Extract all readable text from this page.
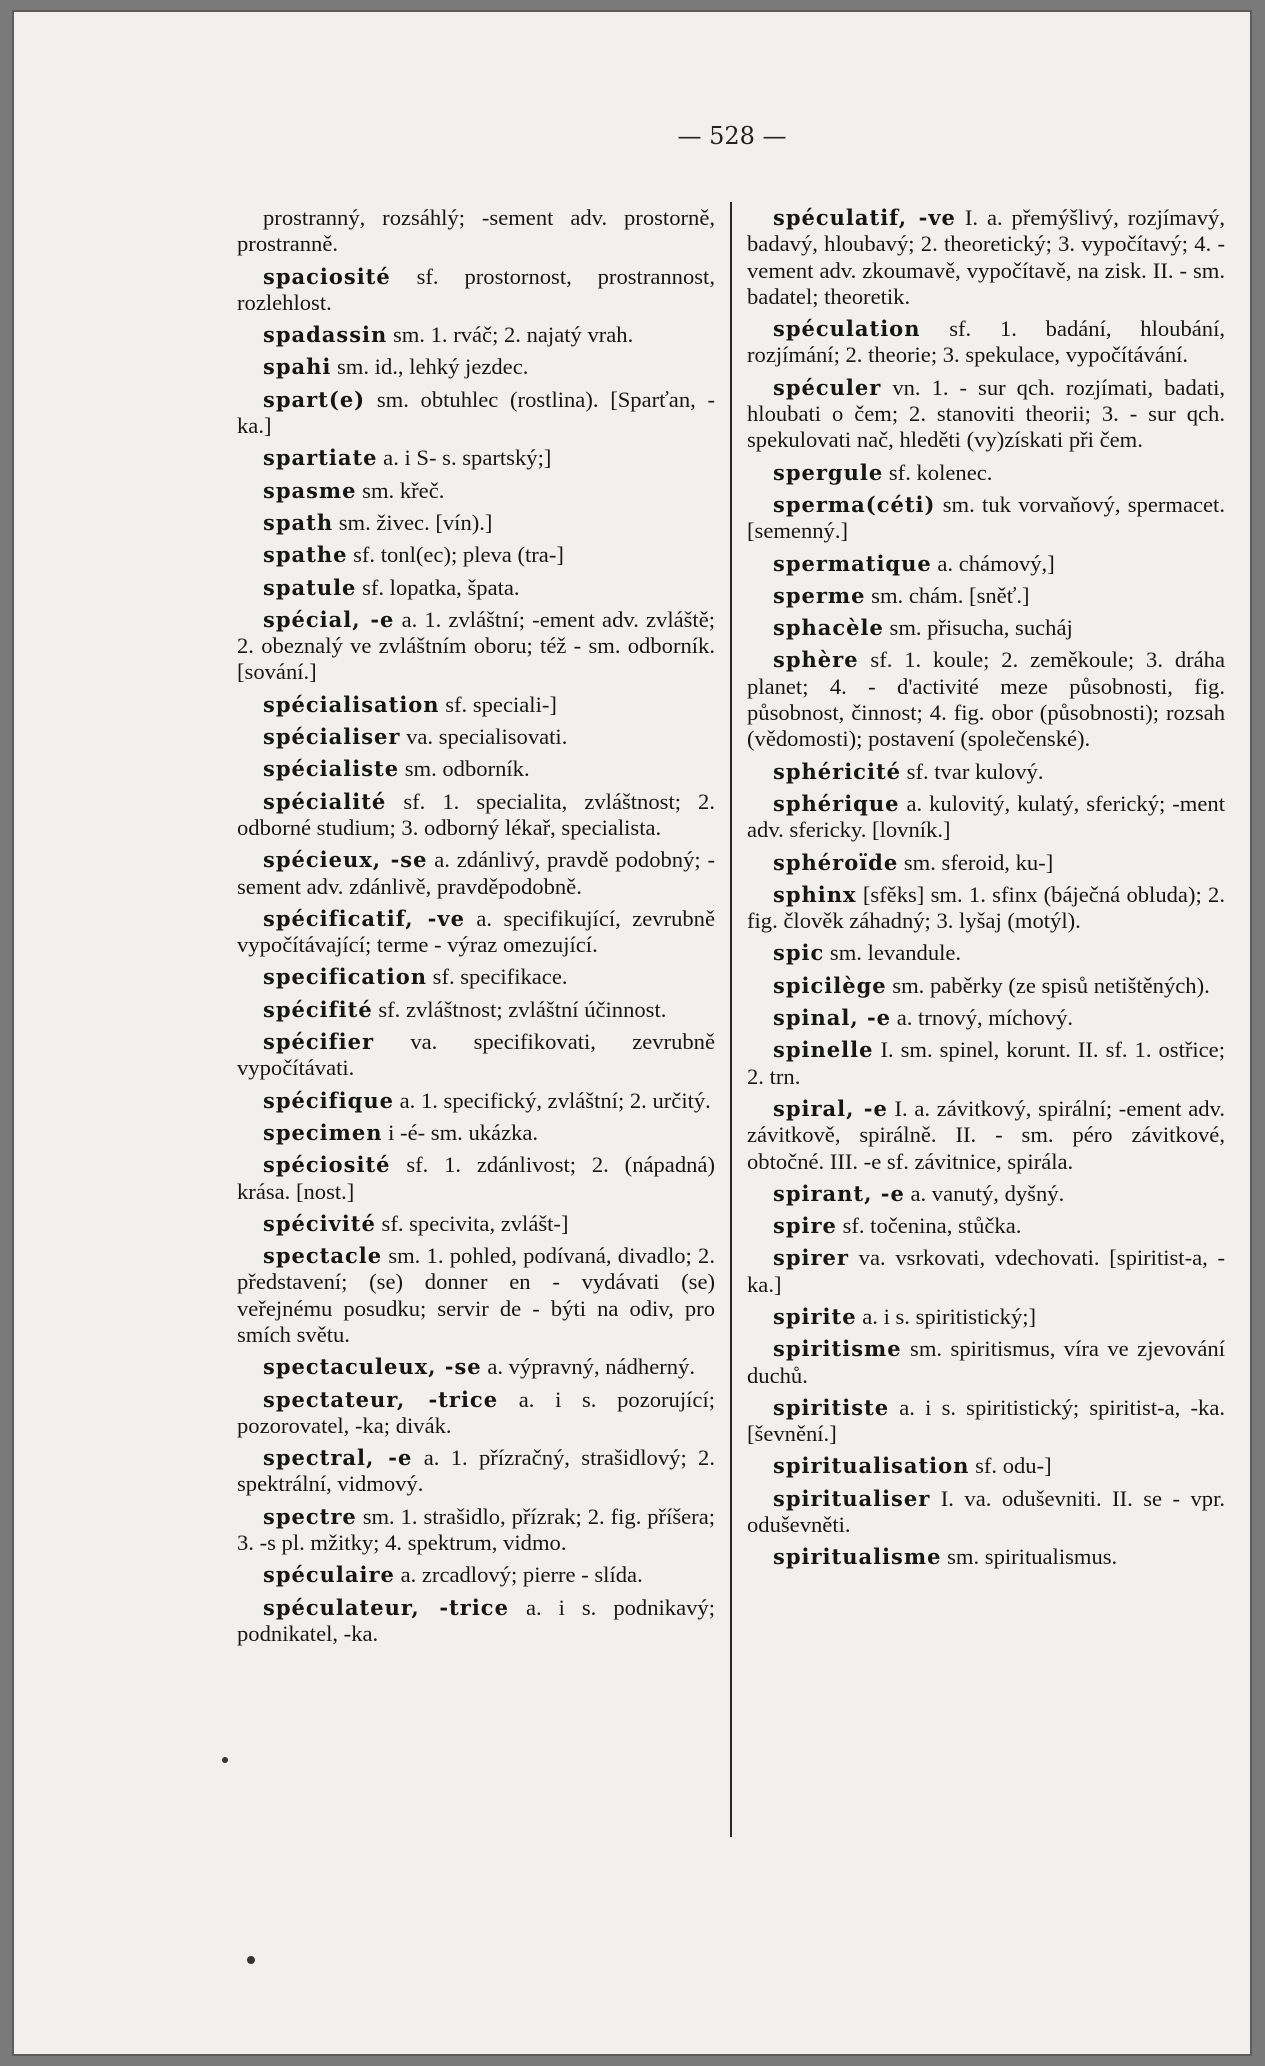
— 528 —

prostranný, rozsáhlý; -sement adv. prostorně, prostranně.

spaciosité sf. prostornost, prostrannost, rozlehlost.

spadassin sm. 1. rváč; 2. najatý vrah.

spahi sm. id., lehký jezdec.

spart(e) sm. obtuhlec (rostlina). [Sparťan, -ka.]

spartiate a. i S- s. spartský;]

spasme sm. křeč.

spath sm. živec. [vín).]

spathe sf. tonl(ec); pleva (tra-]

spatule sf. lopatka, špata.

spécial, -e a. 1. zvláštní; -ement adv. zvláště; 2. obeznalý ve zvláštním oboru; též - sm. odborník. [sování.]

spécialisation sf. speciali-]

spécialiser va. specialisovati.

spécialiste sm. odborník.

spécialité sf. 1. specialita, zvláštnost; 2. odborné studium; 3. odborný lékař, specialista.

spécieux, -se a. zdánlivý, pravdě podobný; -sement adv. zdánlivě, pravděpodobně.

spécificatif, -ve a. specifikující, zevrubně vypočítávající; terme - výraz omezující.

specification sf. specifikace.

spécifité sf. zvláštnost; zvláštní účinnost.

spécifier va. specifikovati, zevrubně vypočítávati.

spécifique a. 1. specifický, zvláštní; 2. určitý.

specimen i -é- sm. ukázka.

spéciosité sf. 1. zdánlivost; 2. (nápadná) krása. [nost.]

spécivité sf. specivita, zvlášt-]

spectacle sm. 1. pohled, podívaná, divadlo; 2. představení; (se) donner en - vydávati (se) veřejnému posudku; servir de - býti na odiv, pro smích světu.

spectaculeux, -se a. výpravný, nádherný.

spectateur, -trice a. i s. pozorující; pozorovatel, -ka; divák.

spectral, -e a. 1. přízračný, strašidlový; 2. spektrální, vidmový.

spectre sm. 1. strašidlo, přízrak; 2. fig. příšera; 3. -s pl. mžitky; 4. spektrum, vidmo.

spéculaire a. zrcadlový; pierre - slída.

spéculateur, -trice a. i s. podnikavý; podnikatel, -ka.

spéculatif, -ve I. a. přemýšlivý, rozjímavý, badavý, hloubavý; 2. theoretický; 3. vypočítavý; 4. -vement adv. zkoumavě, vypočítavě, na zisk. II. - sm. badatel; theoretik.

spéculation sf. 1. badání, hloubání, rozjímání; 2. theorie; 3. spekulace, vypočítávání.

spéculer vn. 1. - sur qch. rozjímati, badati, hloubati o čem; 2. stanoviti theorii; 3. - sur qch. spekulovati nač, hleděti (vy)získati při čem.

spergule sf. kolenec.

sperma(céti) sm. tuk vorvaňový, spermacet. [semenný.]

spermatique a. chámový,]

sperme sm. chám. [sněť.]

sphacèle sm. přisucha, sucháj

sphère sf. 1. koule; 2. zeměkoule; 3. dráha planet; 4. - d'activité meze působnosti, fig. působnost, činnost; 4. fig. obor (působnosti); rozsah (vědomosti); postavení (společenské).

sphéricité sf. tvar kulový.

sphérique a. kulovitý, kulatý, sferický; -ment adv. sfericky. [lovník.]

sphéroïde sm. sferoid, ku-]

sphinx [sfěks] sm. 1. sfinx (báječná obluda); 2. fig. člověk záhadný; 3. lyšaj (motýl).

spic sm. levandule.

spicilège sm. paběrky (ze spisů netištěných).

spinal, -e a. trnový, míchový.

spinelle I. sm. spinel, korunt. II. sf. 1. ostřice; 2. trn.

spiral, -e I. a. závitkový, spirální; -ement adv. závitkově, spirálně. II. - sm. péro závitkové, obtočné. III. -e sf. závitnice, spirála.

spirant, -e a. vanutý, dyšný.

spire sf. točenina, stůčka.

spirer va. vsrkovati, vdechovati. [spiritist-a, -ka.]

spirite a. i s. spiritistický;]

spiritisme sm. spiritismus, víra ve zjevování duchů.

spiritiste a. i s. spiritistický; spiritist-a, -ka. [ševnění.]

spiritualisation sf. odu-]

spiritualiser I. va. oduševniti. II. se - vpr. oduševněti.

spiritualisme sm. spiritualismus.
